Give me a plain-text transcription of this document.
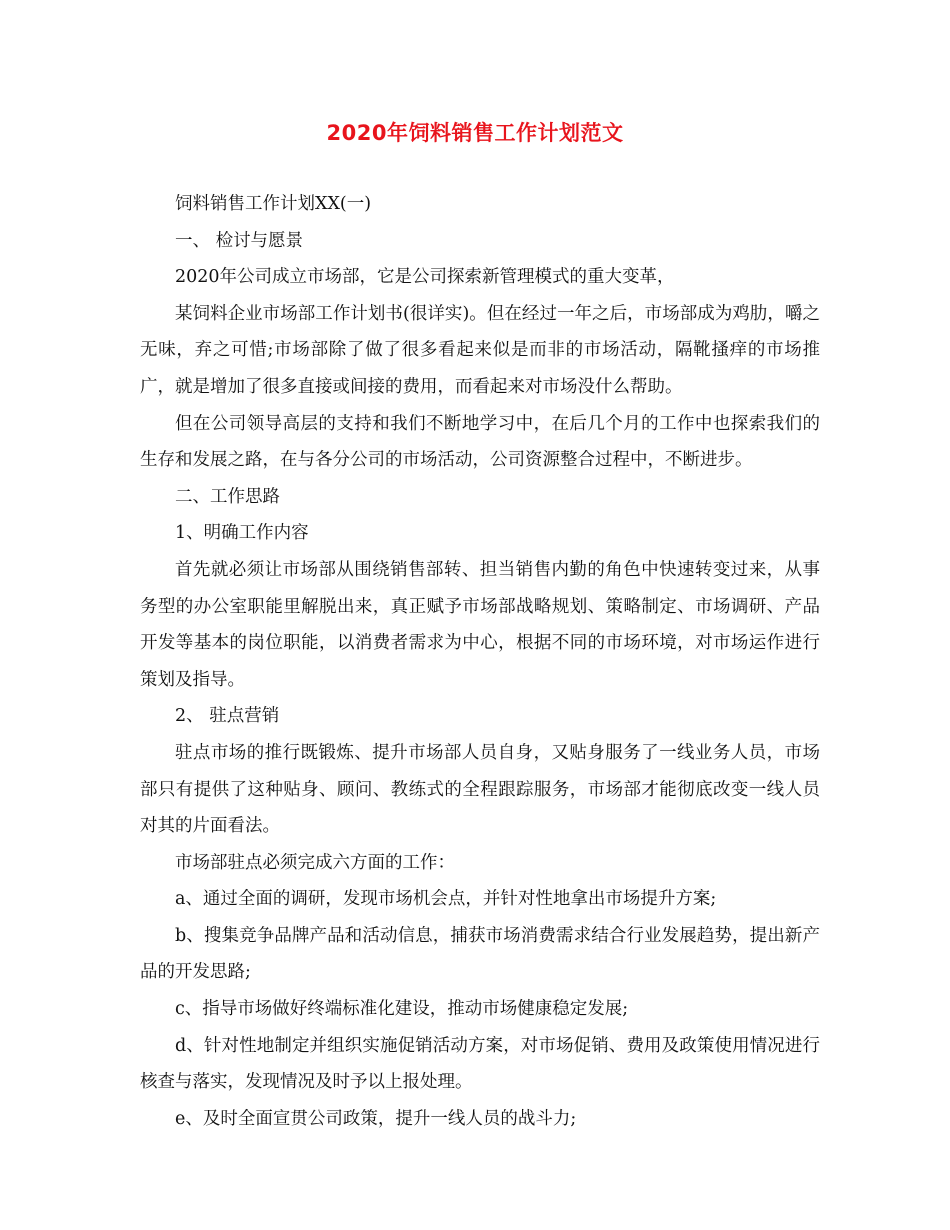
2020年饲料销售工作计划范文

饲料销售工作计划XX(一)

一、 检讨与愿景

2020年公司成立市场部，它是公司探索新管理模式的重大变革，

某饲料企业市场部工作计划书(很详实)。但在经过一年之后，市场部成为鸡肋，嚼之无味，弃之可惜;市场部除了做了很多看起来似是而非的市场活动，隔靴搔痒的市场推广，就是增加了很多直接或间接的费用，而看起来对市场没什么帮助。

但在公司领导高层的支持和我们不断地学习中，在后几个月的工作中也探索我们的生存和发展之路，在与各分公司的市场活动，公司资源整合过程中，不断进步。

二、工作思路

1、明确工作内容

首先就必须让市场部从围绕销售部转、担当销售内勤的角色中快速转变过来，从事务型的办公室职能里解脱出来，真正赋予市场部战略规划、策略制定、市场调研、产品开发等基本的岗位职能，以消费者需求为中心，根据不同的市场环境，对市场运作进行策划及指导。

2、 驻点营销

驻点市场的推行既锻炼、提升市场部人员自身，又贴身服务了一线业务人员，市场部只有提供了这种贴身、顾问、教练式的全程跟踪服务，市场部才能彻底改变一线人员对其的片面看法。

市场部驻点必须完成六方面的工作：

a、通过全面的调研，发现市场机会点，并针对性地拿出市场提升方案;

b、搜集竞争品牌产品和活动信息，捕获市场消费需求结合行业发展趋势，提出新产品的开发思路;

c、指导市场做好终端标准化建设，推动市场健康稳定发展;

d、针对性地制定并组织实施促销活动方案，对市场促销、费用及政策使用情况进行核查与落实，发现情况及时予以上报处理。

e、及时全面宣贯公司政策，提升一线人员的战斗力;
